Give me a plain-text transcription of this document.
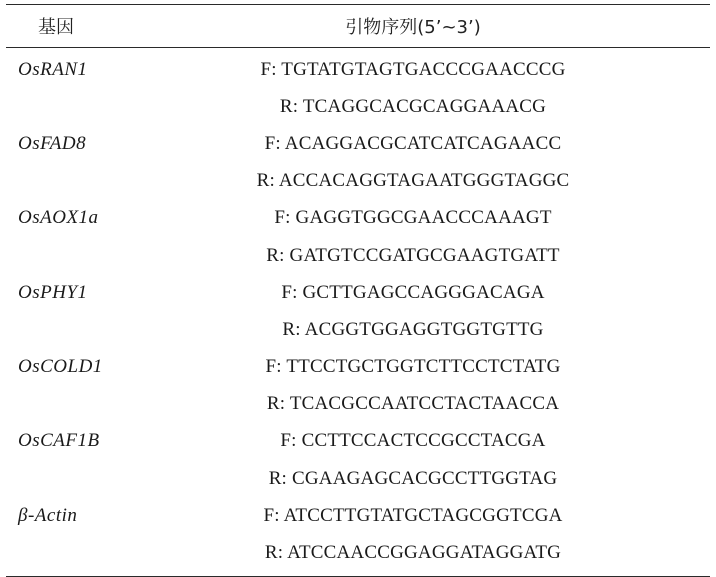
基因	引物序列(5’~3’)
OsRAN1	F: TGTATGTAGTGACCCGAACCCG
R: TCAGGCACGCAGGAAACG
OsFAD8	F: ACAGGACGCATCATCAGAACC
R: ACCACAGGTAGAATGGGTAGGC
OsAOX1a	F: GAGGTGGCGAACCCAAAGT
R: GATGTCCGATGCGAAGTGATT
OsPHY1	F: GCTTGAGCCAGGGACAGA
R: ACGGTGGAGGTGGTGTTG
OsCOLD1	F: TTCCTGCTGGTCTTCCTCTATG
R: TCACGCCAATCCTACTAACCA
OsCAF1B	F: CCTTCCACTCCGCCTACGA
R: CGAAGAGCACGCCTTGGTAG
β-Actin	F: ATCCTTGTATGCTAGCGGTCGA
R: ATCCAACCGGAGGATAGGATG
